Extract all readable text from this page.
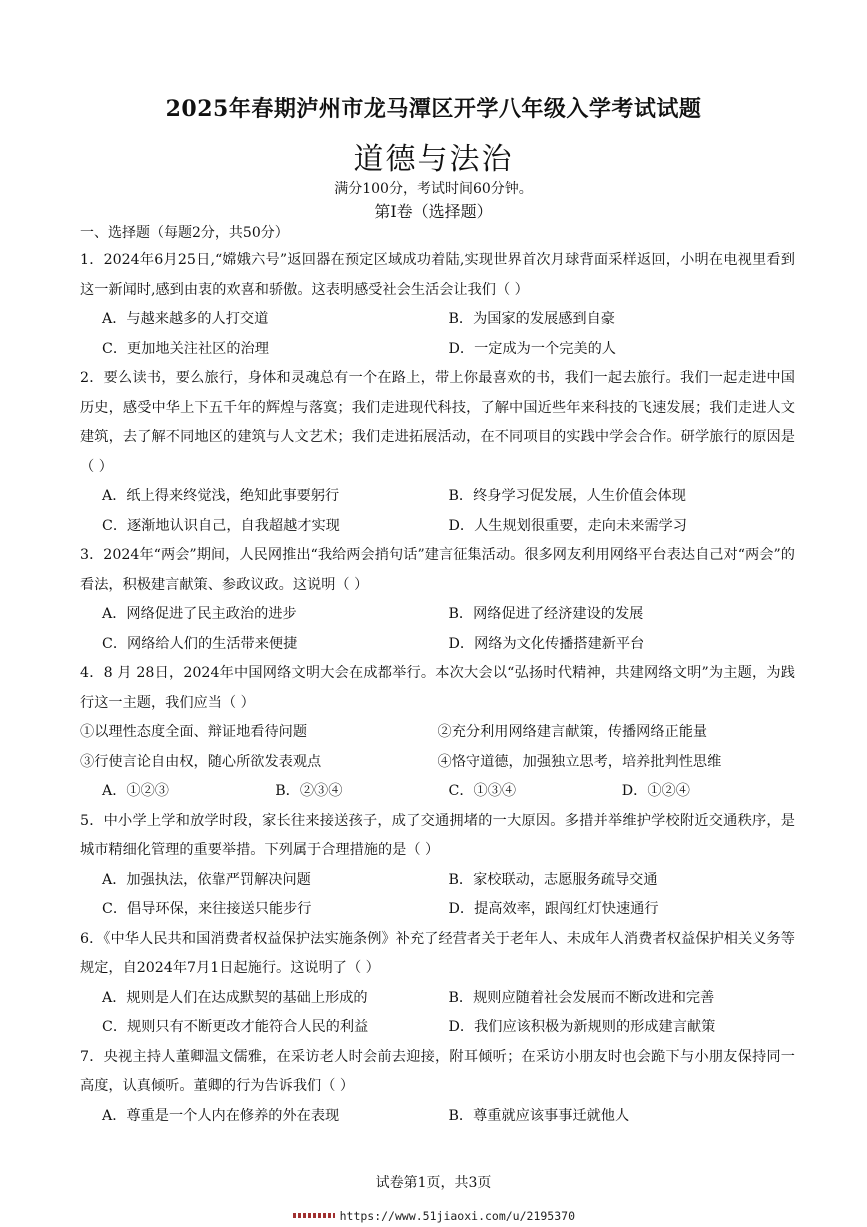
2025年春期泸州市龙马潭区开学八年级入学考试试题
道德与法治
满分100分，考试时间60分钟。
第Ⅰ卷（选择题）
一、选择题（每题2分，共50分）

1．2024年6月25日,“嫦娥六号”返回器在预定区域成功着陆,实现世界首次月球背面采样返回，小明在电视里看到这一新闻时,感到由衷的欢喜和骄傲。这表明感受社会生活会让我们（ ）

A．与越来越多的人打交道	B．为国家的发展感到自豪
C．更加地关注社区的治理	D．一定成为一个完美的人

2．要么读书，要么旅行，身体和灵魂总有一个在路上，带上你最喜欢的书，我们一起去旅行。我们一起走进中国历史，感受中华上下五千年的辉煌与落寞；我们走进现代科技，了解中国近些年来科技的飞速发展；我们走进人文建筑，去了解不同地区的建筑与人文艺术；我们走进拓展活动，在不同项目的实践中学会合作。研学旅行的原因是（ ）

A．纸上得来终觉浅，绝知此事要躬行	B．终身学习促发展，人生价值会体现
C．逐渐地认识自己，自我超越才实现	D．人生规划很重要，走向未来需学习

3．2024年“两会”期间，人民网推出“我给两会捎句话”建言征集活动。很多网友利用网络平台表达自己对“两会”的看法，积极建言献策、参政议政。这说明（ ）

A．网络促进了民主政治的进步	B．网络促进了经济建设的发展
C．网络给人们的生活带来便捷	D．网络为文化传播搭建新平台

4．8 月 28日，2024年中国网络文明大会在成都举行。本次大会以“弘扬时代精神，共建网络文明”为主题，为践行这一主题，我们应当（ ）

①以理性态度全面、辩证地看待问题	②充分利用网络建言献策，传播网络正能量
③行使言论自由权，随心所欲发表观点	④恪守道德，加强独立思考，培养批判性思维
A．①②③	B．②③④	C．①③④	D．①②④

5．中小学上学和放学时段，家长往来接送孩子，成了交通拥堵的一大原因。多措并举维护学校附近交通秩序，是城市精细化管理的重要举措。下列属于合理措施的是（ ）

A．加强执法，依靠严罚解决问题	B．家校联动，志愿服务疏导交通
C．倡导环保，来往接送只能步行	D．提高效率，跟闯红灯快速通行

6．《中华人民共和国消费者权益保护法实施条例》补充了经营者关于老年人、未成年人消费者权益保护相关义务等规定，自2024年7月1日起施行。这说明了（ ）

A．规则是人们在达成默契的基础上形成的	B．规则应随着社会发展而不断改进和完善
C．规则只有不断更改才能符合人民的利益	D．我们应该积极为新规则的形成建言献策

7．央视主持人董卿温文儒雅，在采访老人时会前去迎接，附耳倾听；在采访小朋友时也会跪下与小朋友保持同一高度，认真倾听。董卿的行为告诉我们（ ）

A．尊重是一个人内在修养的外在表现	B．尊重就应该事事迁就他人
试卷第1页，共3页
https://www.51jiaoxi.com/u/2195370
